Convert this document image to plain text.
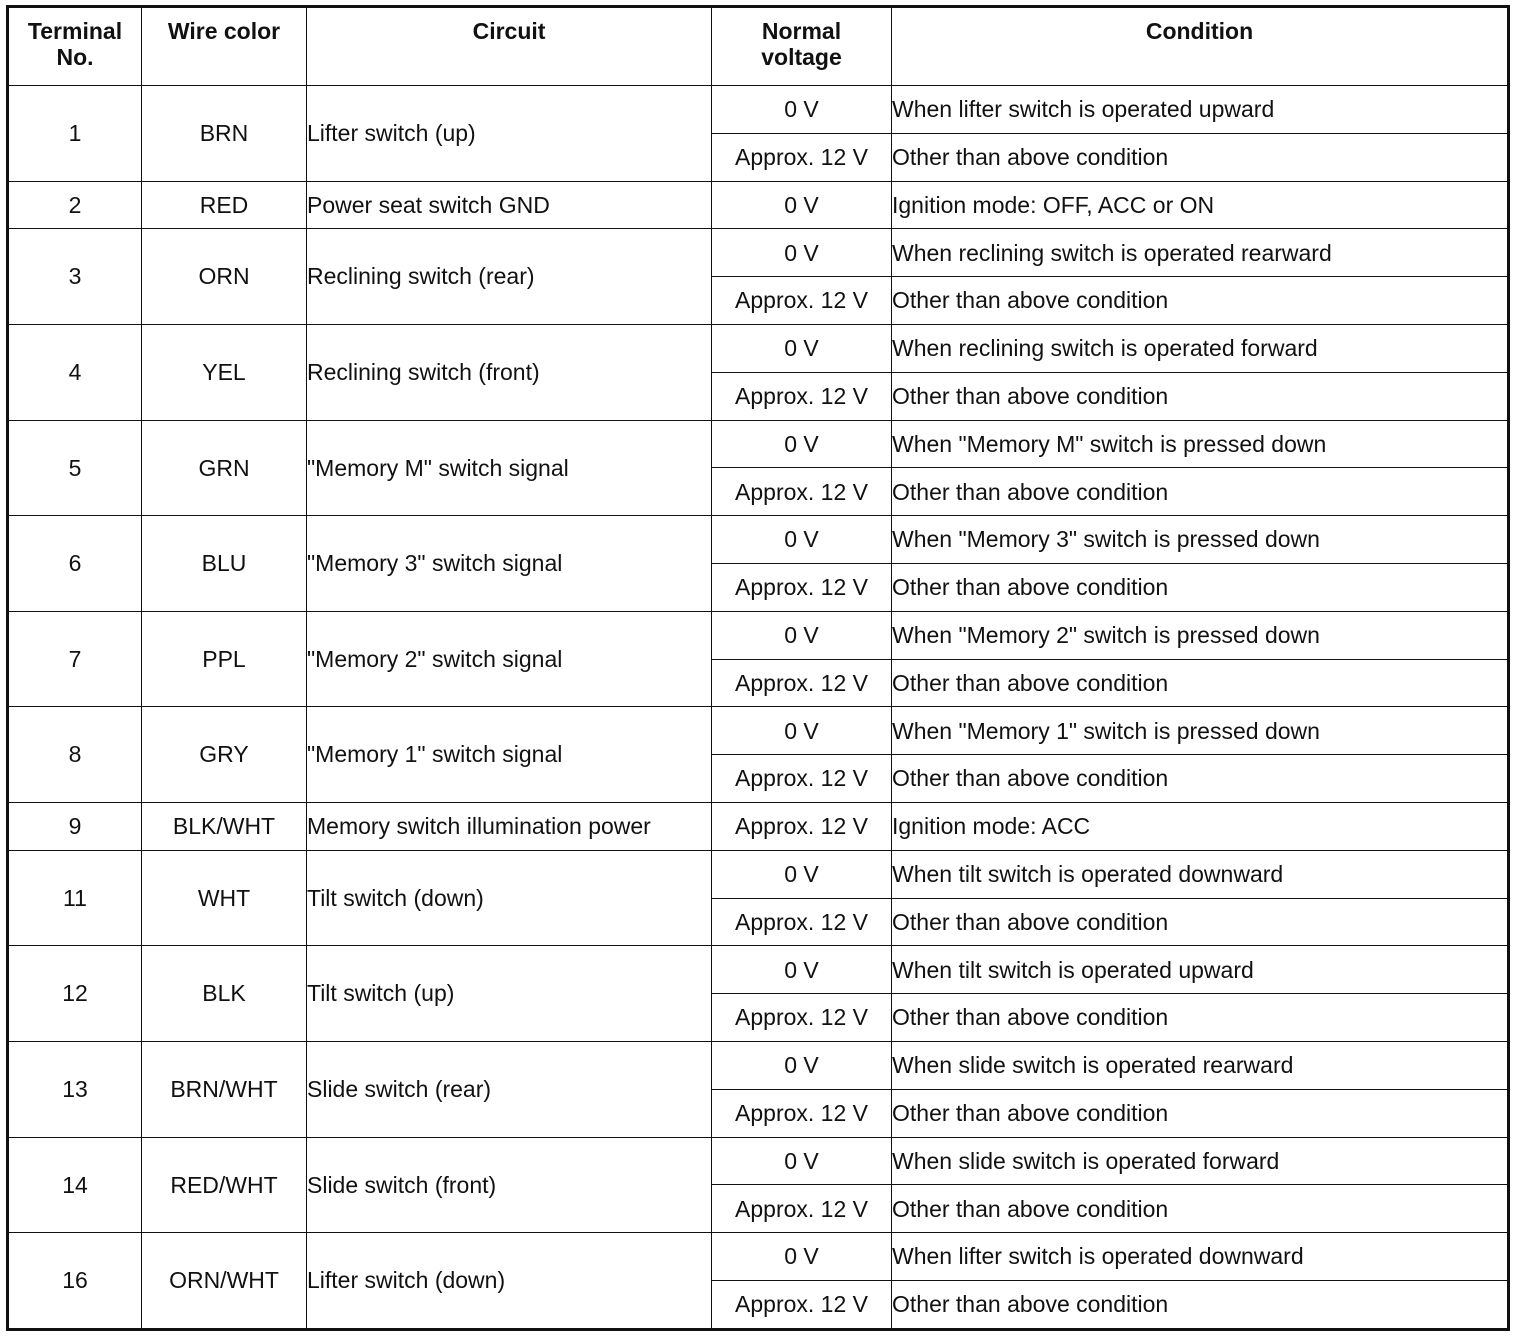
Terminal No.	Wire color	Circuit	Normal voltage	Condition
1	BRN	Lifter switch (up)	0 V	When lifter switch is operated upward
			Approx. 12 V	Other than above condition
2	RED	Power seat switch GND	0 V	Ignition mode: OFF, ACC or ON
3	ORN	Reclining switch (rear)	0 V	When reclining switch is operated rearward
			Approx. 12 V	Other than above condition
4	YEL	Reclining switch (front)	0 V	When reclining switch is operated forward
			Approx. 12 V	Other than above condition
5	GRN	"Memory M" switch signal	0 V	When "Memory M" switch is pressed down
			Approx. 12 V	Other than above condition
6	BLU	"Memory 3" switch signal	0 V	When "Memory 3" switch is pressed down
			Approx. 12 V	Other than above condition
7	PPL	"Memory 2" switch signal	0 V	When "Memory 2" switch is pressed down
			Approx. 12 V	Other than above condition
8	GRY	"Memory 1" switch signal	0 V	When "Memory 1" switch is pressed down
			Approx. 12 V	Other than above condition
9	BLK/WHT	Memory switch illumination power	Approx. 12 V	Ignition mode: ACC
11	WHT	Tilt switch (down)	0 V	When tilt switch is operated downward
			Approx. 12 V	Other than above condition
12	BLK	Tilt switch (up)	0 V	When tilt switch is operated upward
			Approx. 12 V	Other than above condition
13	BRN/WHT	Slide switch (rear)	0 V	When slide switch is operated rearward
			Approx. 12 V	Other than above condition
14	RED/WHT	Slide switch (front)	0 V	When slide switch is operated forward
			Approx. 12 V	Other than above condition
16	ORN/WHT	Lifter switch (down)	0 V	When lifter switch is operated downward
			Approx. 12 V	Other than above condition
